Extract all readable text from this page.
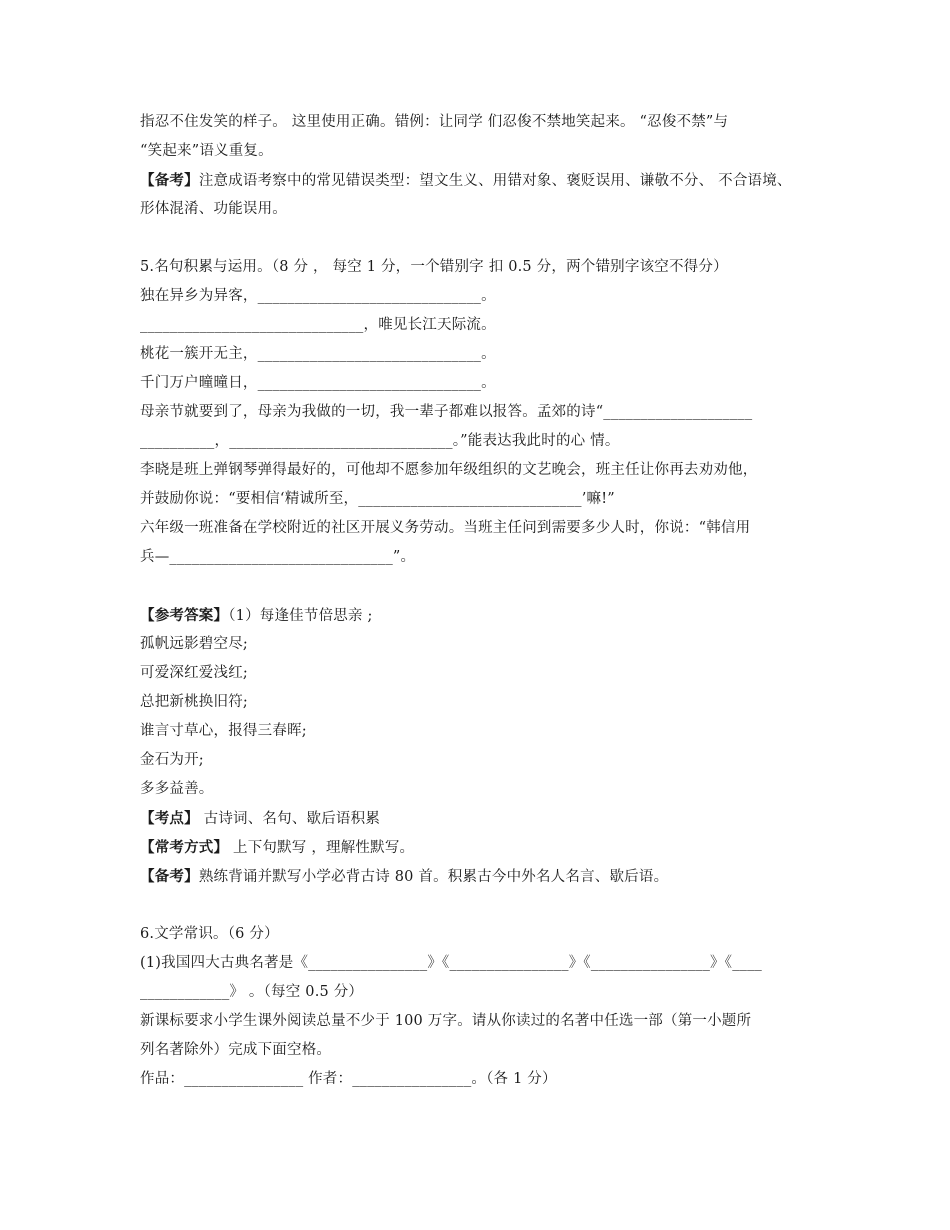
指忍不住发笑的样子。 这里使用正确。错例：让同学 们忍俊不禁地笑起来。 “忍俊不禁”与
“笑起来”语义重复。
【备考】注意成语考察中的常见错误类型：望文生义、用错对象、褒贬误用、谦敬不分、 不合语境、
形体混淆、功能误用。
5.名句积累与运用。（8 分 ， 每空 1 分，一个错别字 扣 0.5 分，两个错别字该空不得分）
独在异乡为异客，______________________________。
______________________________，唯见长江天际流。
桃花一簇开无主，______________________________。
千门万户曈曈日，______________________________。
母亲节就要到了，母亲为我做的一切，我一辈子都难以报答。孟郊的诗“____________________
__________，______________________________。”能表达我此时的心 情。
李晓是班上弹钢琴弹得最好的，可他却不愿参加年级组织的文艺晚会，班主任让你再去劝劝他，
并鼓励你说：“要相信‘精诚所至，______________________________’嘛!”
六年级一班准备在学校附近的社区开展义务劳动。当班主任问到需要多少人时，你说：“韩信用
兵—______________________________”。
【参考答案】（1）每逢佳节倍思亲 ;
孤帆远影碧空尽;
可爱深红爱浅红;
总把新桃换旧符;
谁言寸草心，报得三春晖;
金石为开;
多多益善。
【考点】 古诗词、名句、歇后语积累
【常考方式】 上下句默写 ，理解性默写。
【备考】熟练背诵并默写小学必背古诗 80 首。积累古今中外名人名言、歇后语。
6.文学常识。（6 分）
(1)我国四大古典名著是《________________》《________________》《________________》《____
____________》 。（每空 0.5 分）
新课标要求小学生课外阅读总量不少于 100 万字。请从你读过的名著中任选一部（第一小题所
列名著除外）完成下面空格。
作品：________________ 作者：________________。（各 1 分）
